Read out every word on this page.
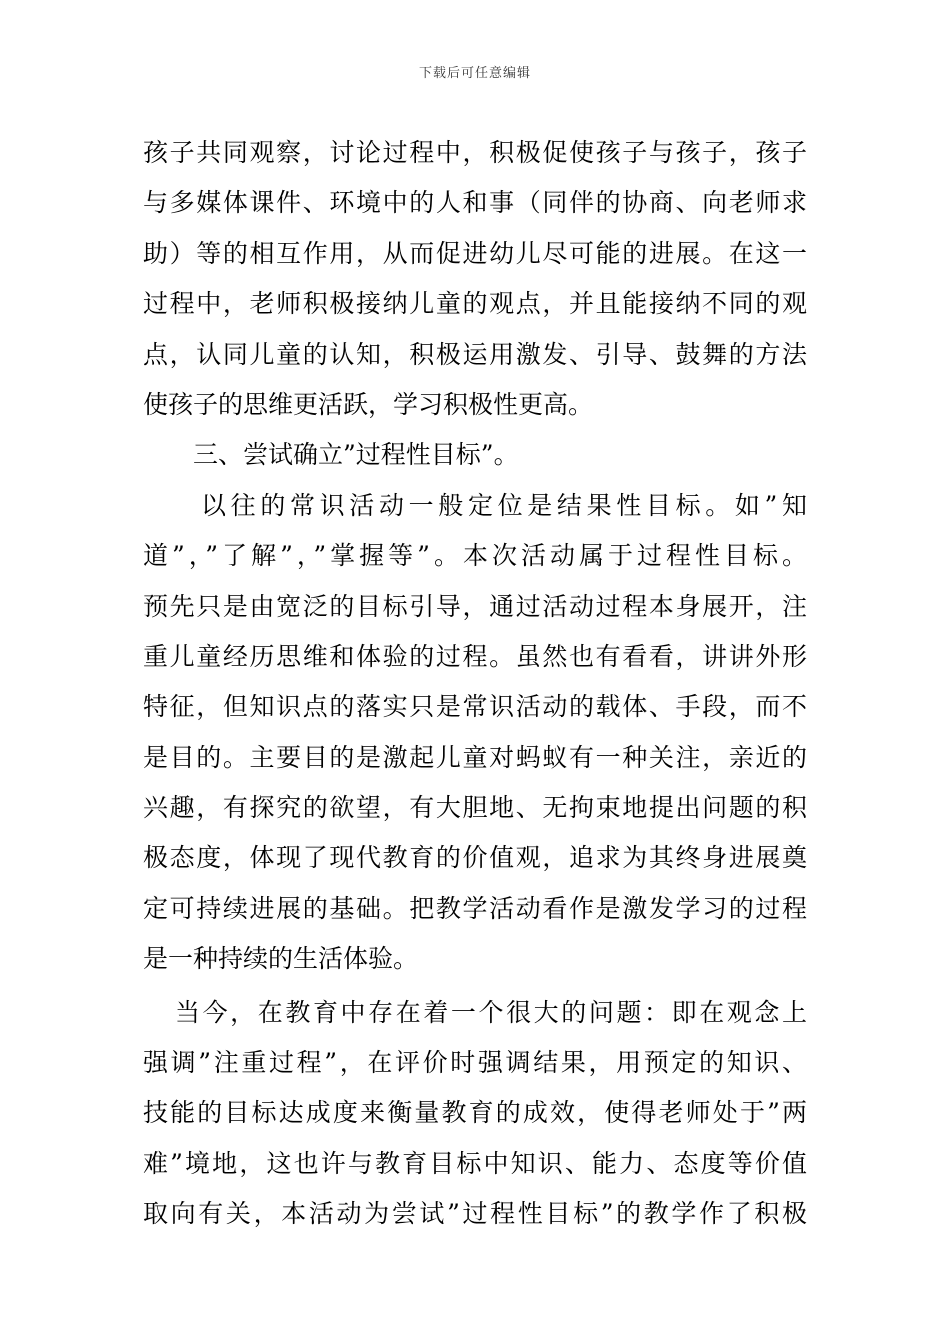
下载后可任意编辑
孩子共同观察，讨论过程中，积极促使孩子与孩子，孩子
与多媒体课件、环境中的人和事（同伴的协商、向老师求
助）等的相互作用，从而促进幼儿尽可能的进展。在这一
过程中，老师积极接纳儿童的观点，并且能接纳不同的观
点，认同儿童的认知，积极运用激发、引导、鼓舞的方法
使孩子的思维更活跃，学习积极性更高。
三、尝试确立”过程性目标”。
以往的常识活动一般定位是结果性目标。如”知
道”，”了解”，”掌握等”。本次活动属于过程性目标。
预先只是由宽泛的目标引导，通过活动过程本身展开，注
重儿童经历思维和体验的过程。虽然也有看看，讲讲外形
特征，但知识点的落实只是常识活动的载体、手段，而不
是目的。主要目的是激起儿童对蚂蚁有一种关注，亲近的
兴趣，有探究的欲望，有大胆地、无拘束地提出问题的积
极态度，体现了现代教育的价值观，追求为其终身进展奠
定可持续进展的基础。把教学活动看作是激发学习的过程
是一种持续的生活体验。
当今，在教育中存在着一个很大的问题：即在观念上
强调”注重过程”，在评价时强调结果，用预定的知识、
技能的目标达成度来衡量教育的成效，使得老师处于”两
难”境地，这也许与教育目标中知识、能力、态度等价值
取向有关，本活动为尝试”过程性目标”的教学作了积极
